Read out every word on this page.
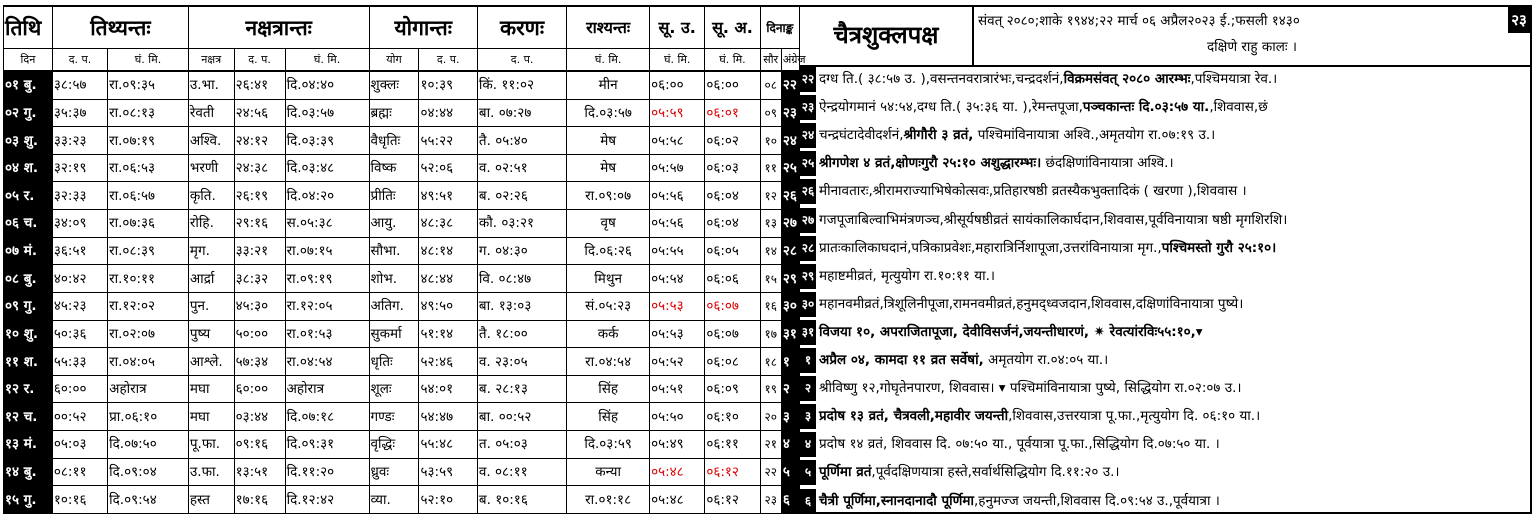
तिथि	तिथ्यन्तः		नक्षत्रान्तः			योगान्तः		करणः	राश्यन्तः	सू. उ.	सू. अ.	दिनाङ्क	
दिन	द. प.	घं. मि.	नक्षत्र	द. प.	घं. मि.	योग	द. प.	द. प.	घं. मि.	घं. मि.	घं. मि.	सौर	अंग्रेज
०१ बु.	३८:५७	रा.०९:३५	उ.भा.	२६:४१	दि.०४:४०	शुक्लः	१०:३९	किं. ११:०२	मीन	०६:००	०६:००	०८	२२
०२ गु.	३५:३७	रा.०८:१३	रेवती	२४:५६	दि.०३:५७	ब्रह्मः	०४:४४	बा. ०७:२७	दि.०३:५७	०५:५९	०६:०१	०९	२३
०३ शु.	३३:२३	रा.०७:१९	अश्वि.	२४:१२	दि.०३:३९	वैधृतिः	५५:२२	तै. ०५:४०	मेष	०५:५८	०६:०२	१०	२४
०४ श.	३२:१९	रा.०६:५३	भरणी	२४:३८	दि.०३:४८	विष्क	५२:०६	व. ०२:५१	मेष	०५:५७	०६:०३	११	२५
०५ र.	३२:३३	रा.०६:५७	कृति.	२६:१९	दि.०४:२०	प्रीतिः	४९:५१	ब. ०२:२६	रा.०९:०७	०५:५६	०६:०४	१२	२६
०६ च.	३४:०९	रा.०७:३६	रोहि.	२९:१६	स.०५:३८	आयु.	४८:३८	कौ. ०३:२१	वृष	०५:५६	०६:०४	१३	२७
०७ मं.	३६:५१	रा.०८:३९	मृग.	३३:२१	रा.०७:१५	सौभा.	४८:१४	ग. ०४:३०	दि.०६:२६	०५:५५	०६:०५	१४	२८
०८ बु.	४०:४२	रा.१०:११	आर्द्रा	३८:३२	रा.०९:१९	शोभ.	४८:४४	वि. ०८:४७	मिथुन	०५:५४	०६:०६	१५	२९
०९ गु.	४५:२३	रा.१२:०२	पुन.	४५:३०	रा.१२:०५	अतिग.	४९:५०	बा. १३:०३	सं.०५:२३	०५:५३	०६:०७	१६	३०
१० शु.	५०:३६	रा.०२:०७	पुष्य	५०:००	रा.०१:५३	सुकर्मा	५१:१४	तै. १८:००	कर्क	०५:५३	०६:०७	१७	३१
११ श.	५५:३३	रा.०४:०५	आश्ले.	५७:३४	रा.०४:५४	धृतिः	५२:४६	व. २३:०५	रा.०४:५४	०५:५२	०६:०८	१८	१
१२ र.	६०:००	अहोरात्र	मघा	६०:००	अहोरात्र	शूलः	५४:०१	ब. २८:१३	सिंह	०५:५१	०६:०९	१९	२
१२ च.	००:५२	प्रा.०६:१०	मघा	०३:४४	दि.०७:१८	गण्डः	५४:४७	बा. ००:५२	सिंह	०५:५०	०६:१०	२०	३
१३ मं.	०५:०३	दि.०७:५०	पू.फा.	०९:१६	दि.०९:३१	वृद्धिः	५५:४८	त. ०५:०३	दि.०३:५९	०५:४९	०६:११	२१	४
१४ बु.	०८:११	दि.०९:०४	उ.फा.	१३:५१	दि.११:२०	ध्रुवः	५३:५९	व. ०८:११	कन्या	०५:४८	०६:१२	२२	५
१५ गु.	१०:१६	दि.०९:५४	हस्त	१७:१६	दि.१२:४२	व्या.	५२:१०	ब. १०:१६	रा.०१:१८	०५:४८	०६:१२	२३	६
चैत्रशुक्लपक्ष	संवत् २०८०;शाके १९४४;२२ मार्च ०६ अप्रैल२०२३ ई.;फसली १४३०	२३
दक्षिणे राहु कालः ।
२२ दग्ध ति.( ३८:५७ उ. ),वसन्तनवरात्रारंभः,चन्द्रदर्शनं,विक्रमसंवत् २०८० आरम्भः,पश्चिमयात्रा रेव.।
२३ ऐन्द्रयोगमानं ५४:५४,दग्ध ति.( ३५:३६ या. ),रेमन्तपूजा,पञ्चकान्तः दि.०३:५७ या.,शिववास,छं
२४ चन्द्रघंटादेवीदर्शनं,श्रीगौरी ३ व्रतं, पश्चिमांविनायात्रा अश्वि.,अमृतयोग रा.०७:१९ उ.।
२५ श्रीगणेश ४ व्रतं,क्षोणःगुरौ २५:१० अशुद्धारम्भः। छंदक्षिणांविनायात्रा अश्वि.।
२६ मीनावतारः,श्रीरामराज्याभिषेकोत्सवः,प्रतिहारषष्ठी व्रतस्यैकभुक्तादिकं ( खरणा ),शिववास ।
२७ गजपूजाबिल्वाभिमंत्रणञ्च,श्रीसूर्यषष्ठीव्रतं सायंकालिकार्घदान,शिववास,पूर्वविनायात्रा षष्ठी मृगशिरशि।
२८ प्रातःकालिकाघदानं,पत्रिकाप्रवेशः,महारात्रिर्निशापूजा,उत्तरांविनायात्रा मृग.,पश्चिमस्तो गुरौ २५:१०।
२९ महाष्टमीव्रतं, मृत्युयोग रा.१०:११ या.।
३० महानवमीव्रतं,त्रिशूलिनीपूजा,रामनवमीव्रतं,हनुमद्ध्वजदान,शिववास,दक्षिणांविनायात्रा पुष्ये।
३१ विजया १०, अपराजितापूजा, देवीविसर्जनं,जयन्तीधारणं, ✷ रेवत्यांरविः५५:१०,▾
१ अप्रैल ०४, कामदा ११ व्रत सर्वेषां, अमृतयोग रा.०४:०५ या.।
२ श्रीविष्णु १२,गोघृतेनपारण, शिववास। ▾ पश्चिमांविनायात्रा पुष्ये, सिद्धियोग रा.०२:०७ उ.।
३ प्रदोष १३ व्रतं, चैत्रवली,महावीर जयन्ती,शिववास,उत्तरयात्रा पू.फा.,मृत्युयोग दि. ०६:१० या.।
४ प्रदोष १४ व्रतं, शिववास दि. ०७:५० या., पूर्वयात्रा पू.फा.,सिद्धियोग दि.०७:५० या. ।
५ पूर्णिमा व्रतं,पूर्वदक्षिणयात्रा हस्ते,सर्वार्थसिद्धियोग दि.११:२० उ.।
६ चैत्री पूर्णिमा,स्नानदानादौ पूर्णिमा,हनुमज्ज जयन्ती,शिववास दि.०९:५४ उ.,पूर्वयात्रा ।
